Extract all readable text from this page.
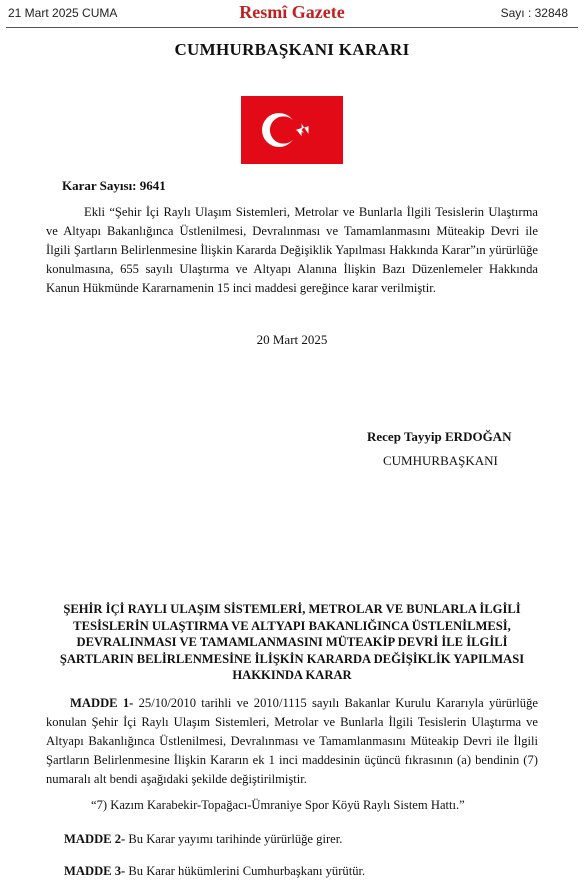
21 Mart 2025 CUMA	Resmî Gazete	Sayı : 32848
CUMHURBAŞKANI KARARI
Karar Sayısı: 9641

Ekli “Şehir İçi Raylı Ulaşım Sistemleri, Metrolar ve Bunlarla İlgili Tesislerin Ulaştırma ve Altyapı Bakanlığınca Üstlenilmesi, Devralınması ve Tamamlanmasını Müteakip Devri ile İlgili Şartların Belirlenmesine İlişkin Kararda Değişiklik Yapılması Hakkında Karar”ın yürürlüğe konulmasına, 655 sayılı Ulaştırma ve Altyapı Alanına İlişkin Bazı Düzenlemeler Hakkında Kanun Hükmünde Kararnamenin 15 inci maddesi gereğince karar verilmiştir.

20 Mart 2025
Recep Tayyip ERDOĞAN
CUMHURBAŞKANI

ŞEHİR İÇİ RAYLI ULAŞIM SİSTEMLERİ, METROLAR VE BUNLARLA İLGİLİ TESİSLERİN ULAŞTIRMA VE ALTYAPI BAKANLIĞINCA ÜSTLENİLMESİ, DEVRALINMASI VE TAMAMLANMASINI MÜTEAKİP DEVRİ İLE İLGİLİ ŞARTLARIN BELİRLENMESİNE İLİŞKİN KARARDA DEĞİŞİKLİK YAPILMASI HAKKINDA KARAR

MADDE 1- 25/10/2010 tarihli ve 2010/1115 sayılı Bakanlar Kurulu Kararıyla yürürlüğe konulan Şehir İçi Raylı Ulaşım Sistemleri, Metrolar ve Bunlarla İlgili Tesislerin Ulaştırma ve Altyapı Bakanlığınca Üstlenilmesi, Devralınması ve Tamamlanmasını Müteakip Devri ile İlgili Şartların Belirlenmesine İlişkin Kararın ek 1 inci maddesinin üçüncü fıkrasının (a) bendinin (7) numaralı alt bendi aşağıdaki şekilde değiştirilmiştir.

“7) Kazım Karabekir-Topağacı-Ümraniye Spor Köyü Raylı Sistem Hattı.”
MADDE 2- Bu Karar yayımı tarihinde yürürlüğe girer.
MADDE 3- Bu Karar hükümlerini Cumhurbaşkanı yürütür.
